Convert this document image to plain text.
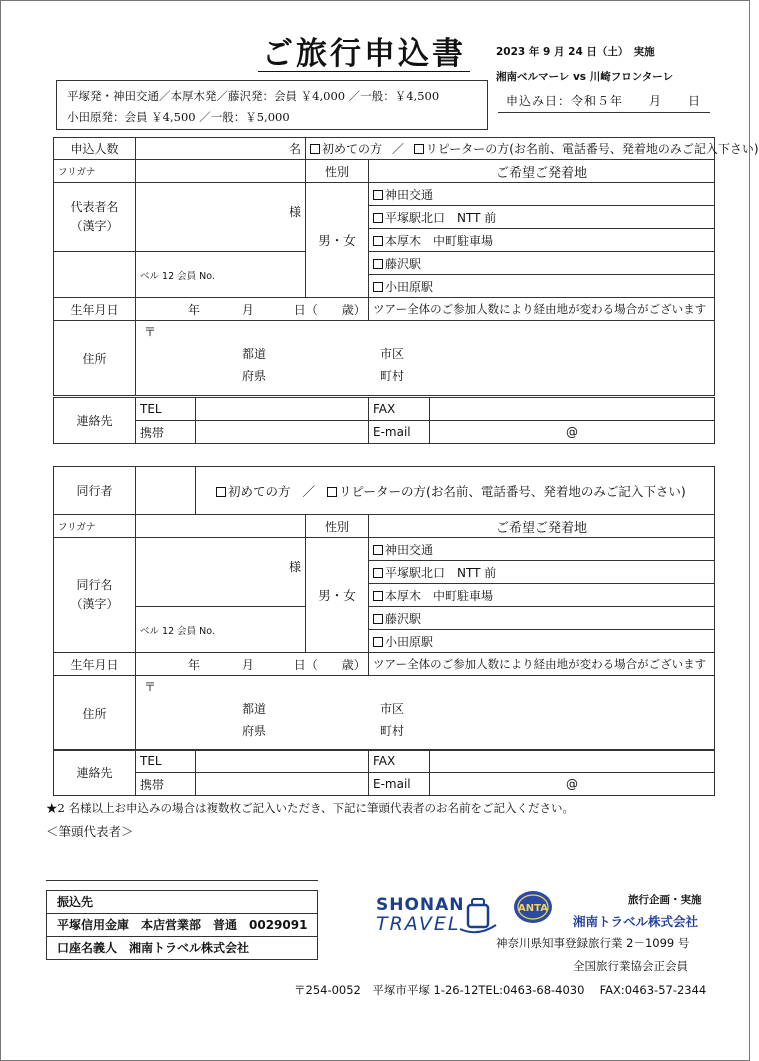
ご旅行申込書	2023 年 9 月 24 日（土）　実施
湘南ベルマーレ vs 川崎フロンターレ
平塚発・神田交通／本厚木発／藤沢発：会員 ￥4,000 ／一般：￥4,500
小田原発：会員 ￥4,500 ／一般：￥5,000
申込み日：令和５年　　月　　日
申込人数	名	初めての方 ／ リピーターの方(お名前、電話番号、発着地のみご記入下さい)	
フリガナ		性別	ご希望ご発着地

代表者名
（漢字）	様	男・女	神田交通
			平塚駅北口　NTT 前
			本厚木　中町駐車場
	ベル 12 会員 No.		藤沢駅
			小田原駅
生年月日	年 月 日（　　歳）		ツアー全体のご参加人数により経由地が変わる場合がございます
住所	〒
都道
府県
市区
町村		
連絡先	TEL		FAX	
	携帯		E-mail	@
同行者		初めての方 ／ リピーターの方(お名前、電話番号、発着地のみご記入下さい)		
フリガナ			性別	ご希望ご発着地

同行名
（漢字）	様		男・女	神田交通
				平塚駅北口　NTT 前
				本厚木　中町駐車場
	ベル 12 会員 No.			藤沢駅
				小田原駅
生年月日	年 月 日（　　歳）			ツアー全体のご参加人数により経由地が変わる場合がございます
住所	〒
都道
府県
市区
町村			
連絡先	TEL		FAX	
	携帯		E-mail	@
★2 名様以上お申込みの場合は複数枚ご記入いただき、下記に筆頭代表者のお名前をご記入ください。
＜筆頭代表者＞
振込先
平塚信用金庫　本店営業部　普通　0029091
口座名義人　湘南トラベル株式会社
SHONAN
TRAVEL
ANTA
旅行企画・実施
湘南トラベル株式会社
神奈川県知事登録旅行業 2－1099 号
全国旅行業協会正会員
〒254-0052　平塚市平塚 1-26-12TEL:0463-68-4030　 FAX:0463-57-2344
